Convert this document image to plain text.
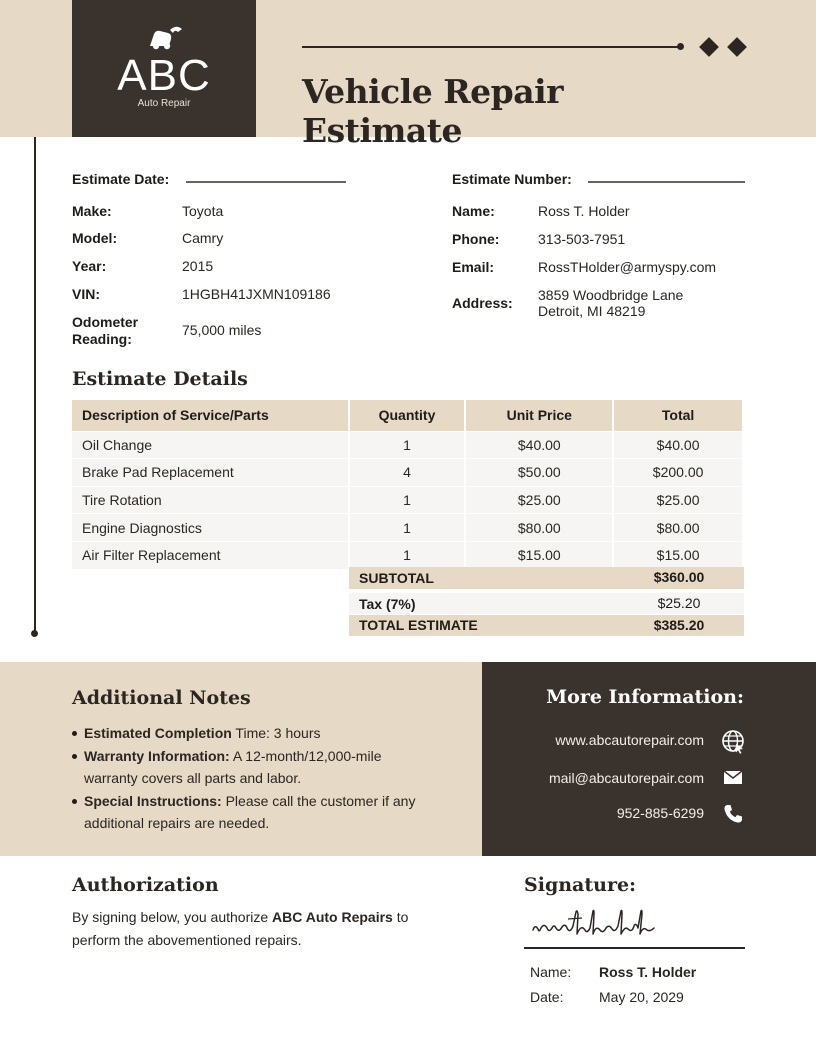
ABC
Auto Repair	Vehicle Repair Estimate
Estimate Date:
Make:	Toyota
Model:	Camry
Year:	2015
VIN:	1HGBH41JXMN109186
Odometer
Reading:
75,000 miles
Estimate Number:
Name:	Ross T. Holder
Phone:	313-503-7951
Email:	RossTHolder@armyspy.com
Address: 3859 Woodbridge Lane
Detroit, MI 48219
Estimate Details
Description of Service/Parts	Quantity	Unit Price	Total
Oil Change	1	$40.00	$40.00
Brake Pad Replacement	4	$50.00	$200.00
Tire Rotation	1	$25.00	$25.00
Engine Diagnostics	1	$80.00	$80.00
Air Filter Replacement	1	$15.00	$15.00
SUBTOTAL	$360.00
Tax (7%)	$25.20
TOTAL ESTIMATE	$385.20
Additional Notes
Estimated Completion Time: 3 hours
Warranty Information: A 12-month/12,000-mile warranty covers all parts and labor.
Special Instructions: Please call the customer if any additional repairs are needed.
More Information:
www.abcautorepair.com
mail@abcautorepair.com
952-885-6299
Authorization
By signing below, you authorize ABC Auto Repairs to perform the abovementioned repairs.
Signature:
Name: Ross T. Holder
Date:	May 20, 2029
